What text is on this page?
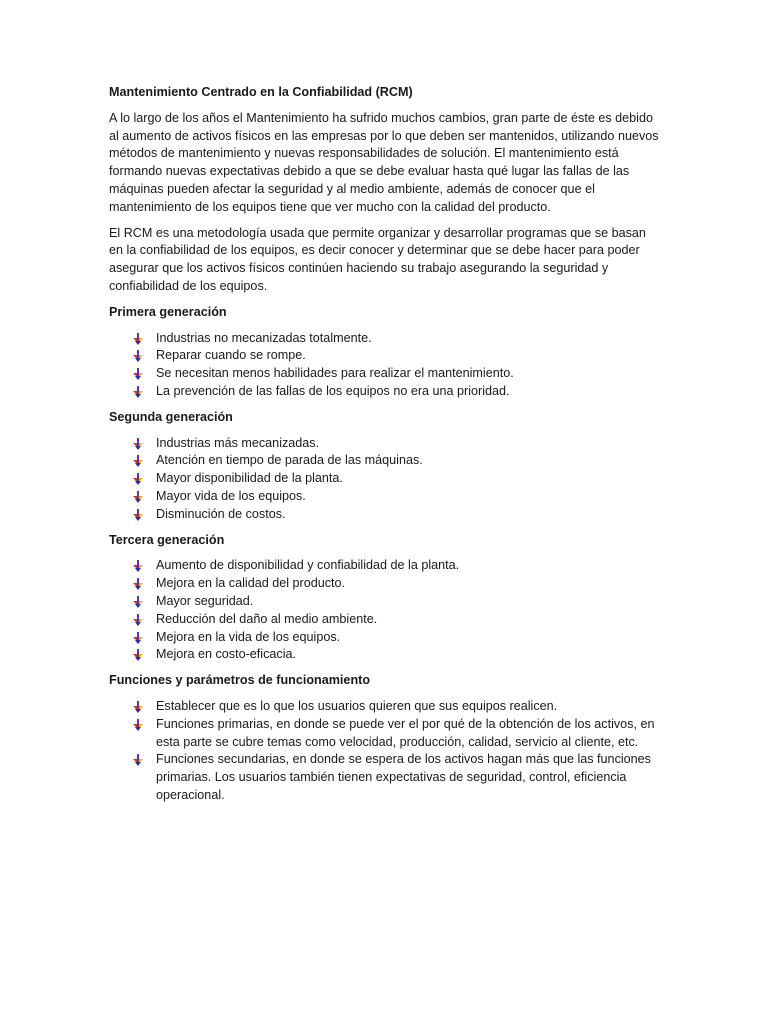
Mantenimiento Centrado en la Confiabilidad (RCM)

A lo largo de los años el Mantenimiento ha sufrido muchos cambios, gran parte de éste es debido al aumento de activos físicos en las empresas por lo que deben ser mantenidos, utilizando nuevos métodos de mantenimiento y nuevas responsabilidades de solución. El mantenimiento está formando nuevas expectativas debido a que se debe evaluar hasta qué lugar las fallas de las máquinas pueden afectar la seguridad y al medio ambiente, además de conocer que el mantenimiento de los equipos tiene que ver mucho con la calidad del producto.

El RCM es una metodología usada que permite organizar y desarrollar programas que se basan en la confiabilidad de los equipos, es decir conocer y determinar que se debe hacer para poder asegurar que los activos físicos continúen haciendo su trabajo asegurando la seguridad y confiabilidad de los equipos.

Primera generación

Industrias no mecanizadas totalmente.
Reparar cuando se rompe.
Se necesitan menos habilidades para realizar el mantenimiento.
La prevención de las fallas de los equipos no era una prioridad.

Segunda generación

Industrias más mecanizadas.
Atención en tiempo de parada de las máquinas.
Mayor disponibilidad de la planta.
Mayor vida de los equipos.
Disminución de costos.

Tercera generación

Aumento de disponibilidad y confiabilidad de la planta.
Mejora en la calidad del producto.
Mayor seguridad.
Reducción del daño al medio ambiente.
Mejora en la vida de los equipos.
Mejora en costo-eficacia.

Funciones y parámetros de funcionamiento

Establecer que es lo que los usuarios quieren que sus equipos realicen.
Funciones primarias, en donde se puede ver el por qué de la obtención de los activos, en esta parte se cubre temas como velocidad, producción, calidad, servicio al cliente, etc.
Funciones secundarias, en donde se espera de los activos hagan más que las funciones primarias. Los usuarios también tienen expectativas de seguridad, control, eficiencia operacional.
